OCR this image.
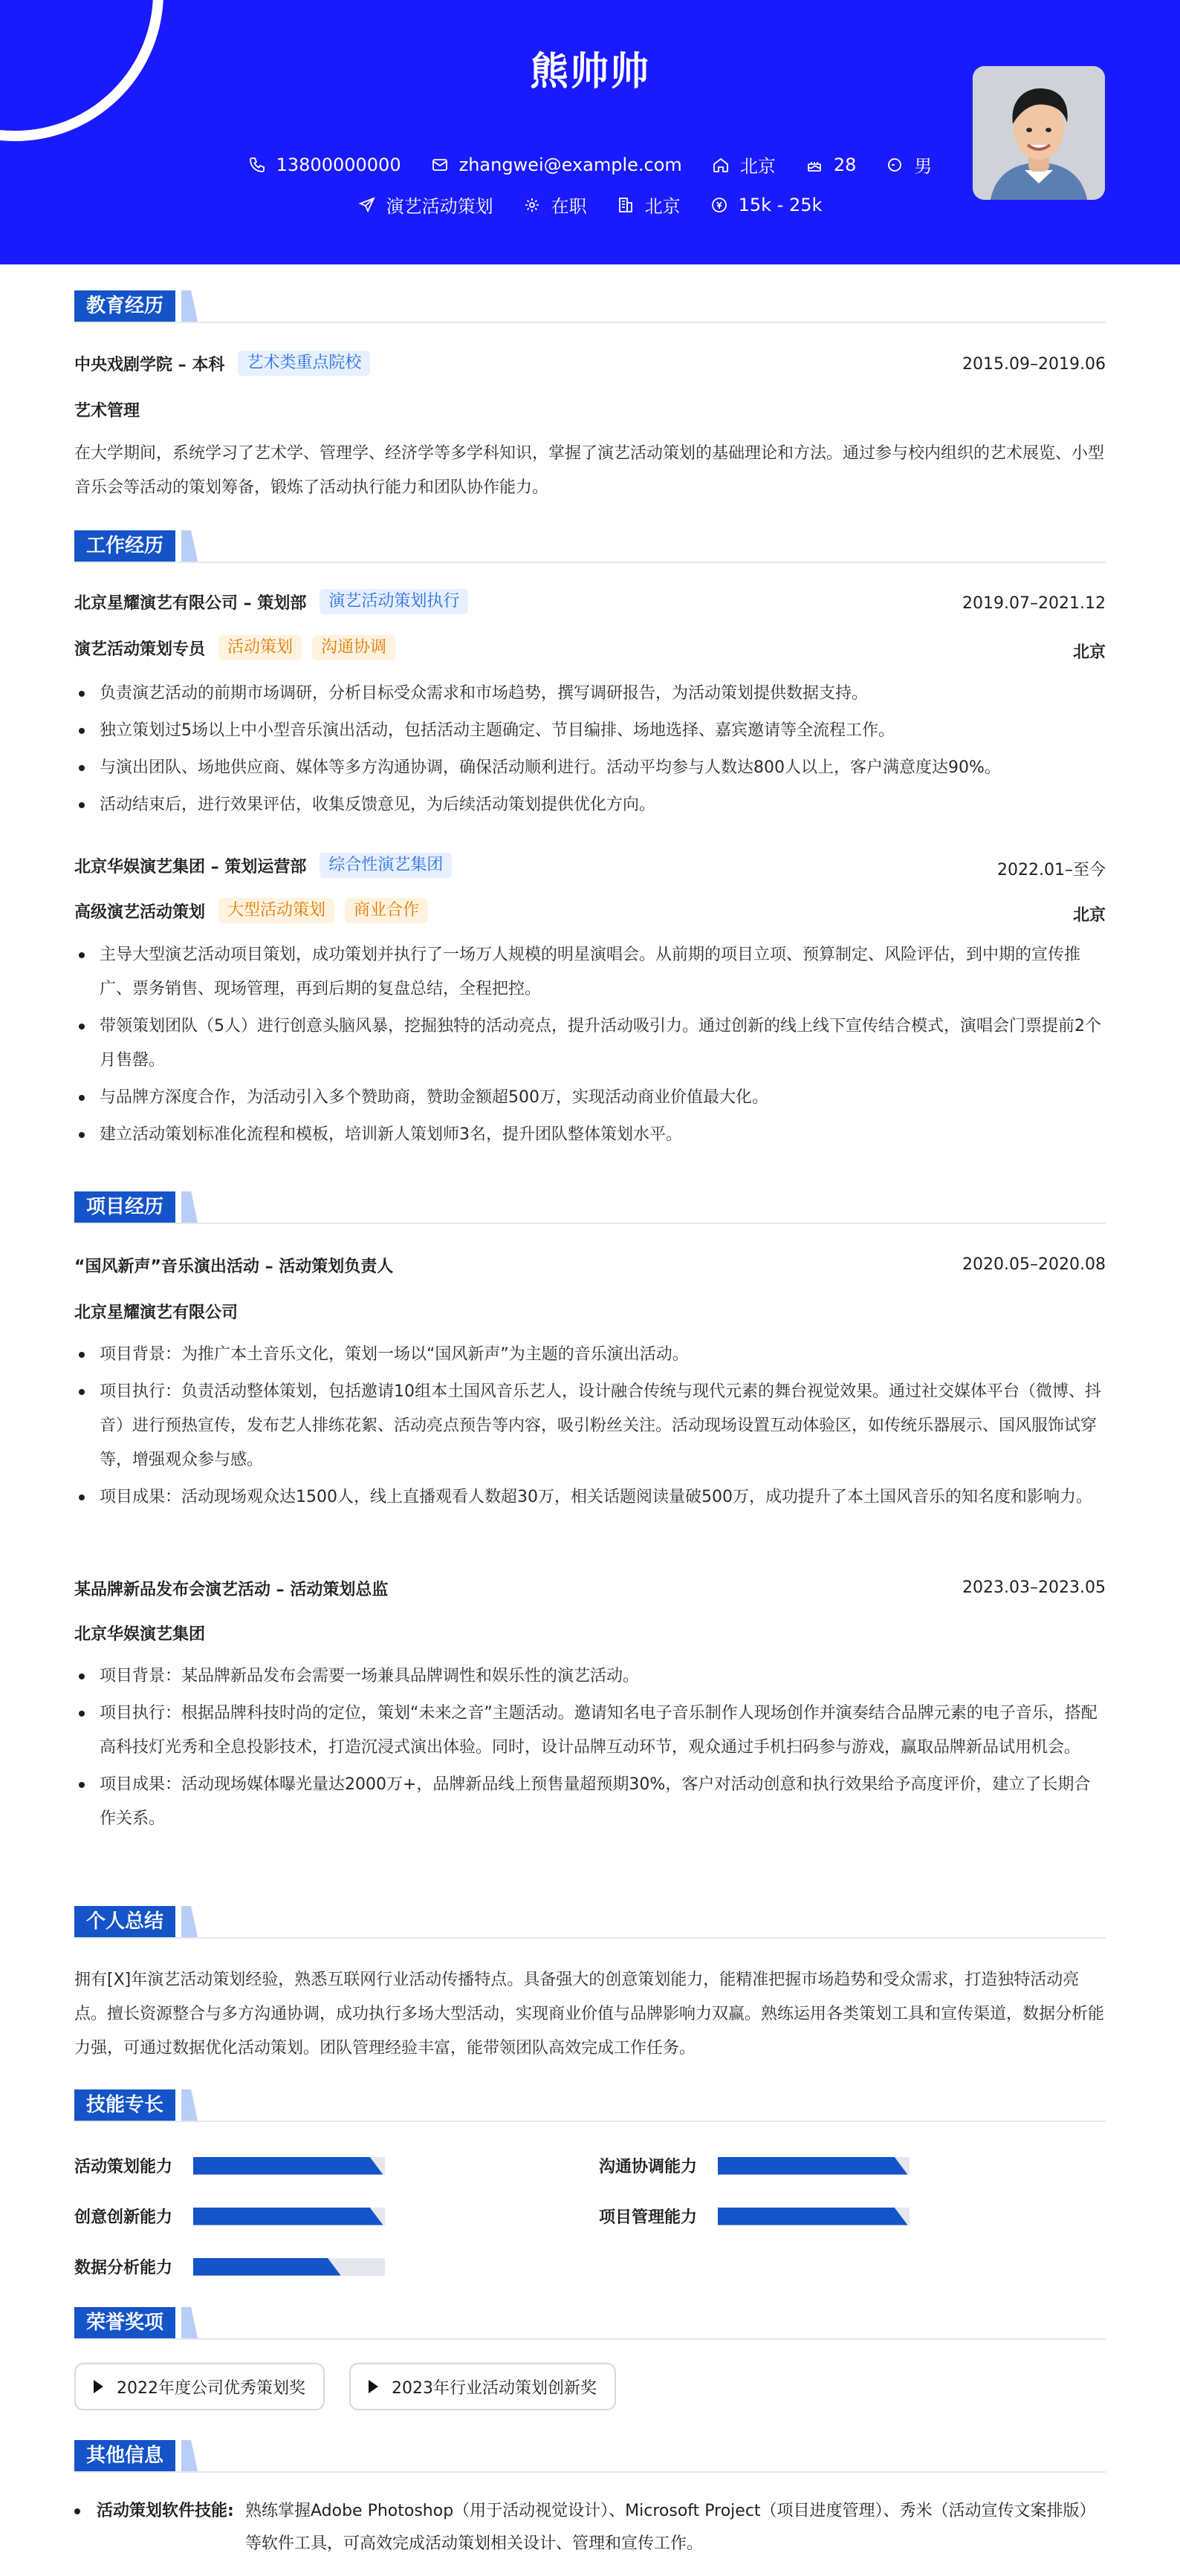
熊帅帅
13800000000	zhangwei@example.com	北京	28	男
演艺活动策划	在职	北京	15k - 25k
教育经历
中央戏剧学院 – 本科	艺术类重点院校	2015.09–2019.06
艺术管理
在大学期间，系统学习了艺术学、管理学、经济学等多学科知识，掌握了演艺活动策划的基础理论和方法。通过参与校内组织的艺术展览、小型音乐会等活动的策划筹备，锻炼了活动执行能力和团队协作能力。
工作经历
北京星耀演艺有限公司 – 策划部	演艺活动策划执行	2019.07–2021.12
演艺活动策划专员	活动策划	沟通协调	北京
负责演艺活动的前期市场调研，分析目标受众需求和市场趋势，撰写调研报告，为活动策划提供数据支持。
独立策划过5场以上中小型音乐演出活动，包括活动主题确定、节目编排、场地选择、嘉宾邀请等全流程工作。
与演出团队、场地供应商、媒体等多方沟通协调，确保活动顺利进行。活动平均参与人数达800人以上，客户满意度达90%。
活动结束后，进行效果评估，收集反馈意见，为后续活动策划提供优化方向。
北京华娱演艺集团 – 策划运营部	综合性演艺集团	2022.01–至今
高级演艺活动策划	大型活动策划	商业合作	北京
主导大型演艺活动项目策划，成功策划并执行了一场万人规模的明星演唱会。从前期的项目立项、预算制定、风险评估，到中期的宣传推广、票务销售、现场管理，再到后期的复盘总结，全程把控。
带领策划团队（5人）进行创意头脑风暴，挖掘独特的活动亮点，提升活动吸引力。通过创新的线上线下宣传结合模式，演唱会门票提前2个月售罄。
与品牌方深度合作，为活动引入多个赞助商，赞助金额超500万，实现活动商业价值最大化。
建立活动策划标准化流程和模板，培训新人策划师3名，提升团队整体策划水平。
项目经历
“国风新声”音乐演出活动 – 活动策划负责人	2020.05–2020.08
北京星耀演艺有限公司
项目背景：为推广本土音乐文化，策划一场以“国风新声”为主题的音乐演出活动。
项目执行：负责活动整体策划，包括邀请10组本土国风音乐艺人，设计融合传统与现代元素的舞台视觉效果。通过社交媒体平台（微博、抖音）进行预热宣传，发布艺人排练花絮、活动亮点预告等内容，吸引粉丝关注。活动现场设置互动体验区，如传统乐器展示、国风服饰试穿等，增强观众参与感。
项目成果：活动现场观众达1500人，线上直播观看人数超30万，相关话题阅读量破500万，成功提升了本土国风音乐的知名度和影响力。
某品牌新品发布会演艺活动 – 活动策划总监	2023.03–2023.05
北京华娱演艺集团
项目背景：某品牌新品发布会需要一场兼具品牌调性和娱乐性的演艺活动。
项目执行：根据品牌科技时尚的定位，策划“未来之音”主题活动。邀请知名电子音乐制作人现场创作并演奏结合品牌元素的电子音乐，搭配高科技灯光秀和全息投影技术，打造沉浸式演出体验。同时，设计品牌互动环节，观众通过手机扫码参与游戏，赢取品牌新品试用机会。
项目成果：活动现场媒体曝光量达2000万+，品牌新品线上预售量超预期30%，客户对活动创意和执行效果给予高度评价，建立了长期合作关系。
个人总结
拥有[X]年演艺活动策划经验，熟悉互联网行业活动传播特点。具备强大的创意策划能力，能精准把握市场趋势和受众需求，打造独特活动亮点。擅长资源整合与多方沟通协调，成功执行多场大型活动，实现商业价值与品牌影响力双赢。熟练运用各类策划工具和宣传渠道，数据分析能力强，可通过数据优化活动策划。团队管理经验丰富，能带领团队高效完成工作任务。
技能专长
活动策划能力	沟通协调能力
创意创新能力	项目管理能力
数据分析能力
荣誉奖项
2022年度公司优秀策划奖	2023年行业活动策划创新奖
其他信息
活动策划软件技能: 熟练掌握Adobe Photoshop（用于活动视觉设计）、Microsoft Project（项目进度管理）、秀米（活动宣传文案排版）等软件工具，可高效完成活动策划相关设计、管理和宣传工作。
